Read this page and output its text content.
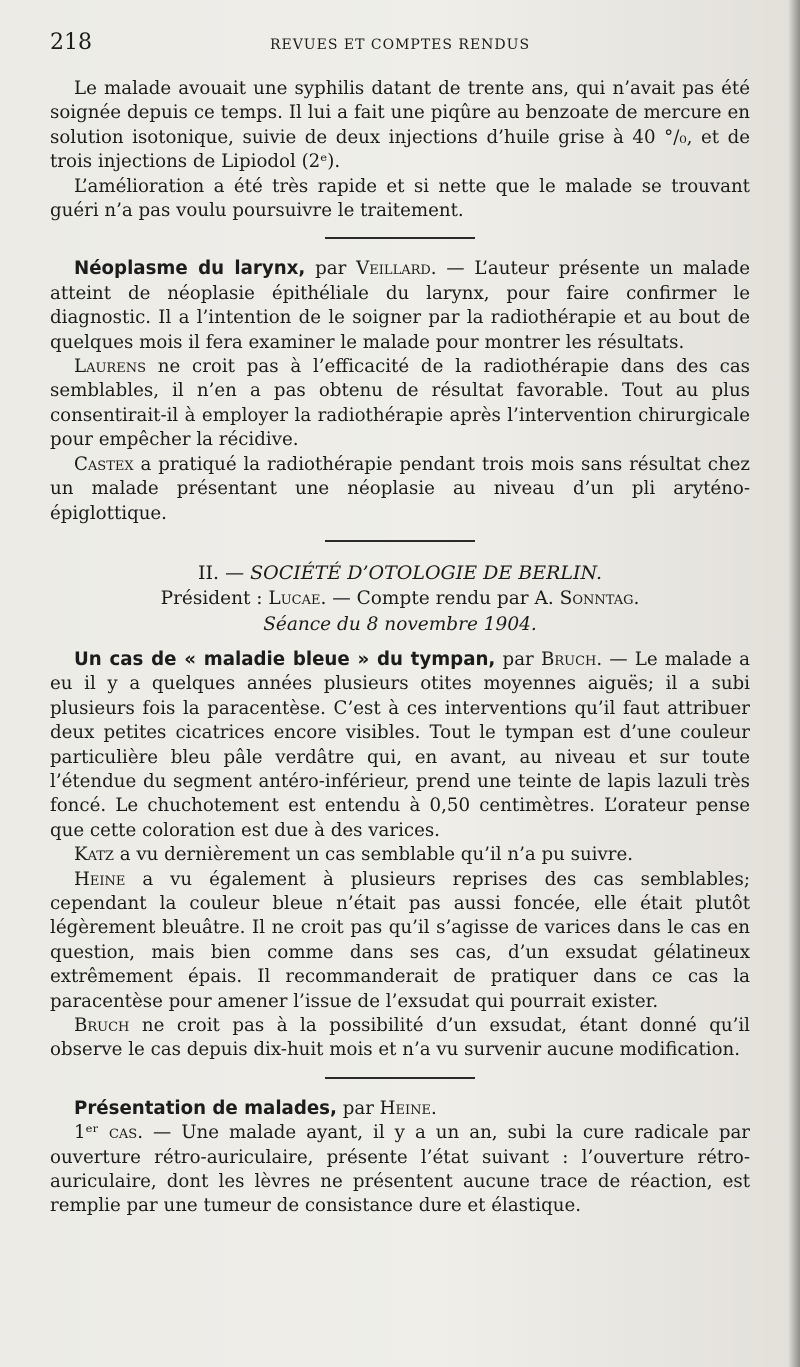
218	REVUES ET COMPTES RENDUS

Le malade avouait une syphilis datant de trente ans, qui n’avait pas été soignée depuis ce temps. Il lui a fait une piqûre au benzoate de mercure en solution isotonique, suivie de deux injections d’huile grise à 40 °/₀, et de trois injections de Lipiodol (2ᵉ).

L’amélioration a été très rapide et si nette que le malade se trouvant guéri n’a pas voulu poursuivre le traitement.

Néoplasme du larynx, par Veillard. — L’auteur présente un malade atteint de néoplasie épithéliale du larynx, pour faire confirmer le diagnostic. Il a l’intention de le soigner par la radiothérapie et au bout de quelques mois il fera examiner le malade pour montrer les résultats.

Laurens ne croit pas à l’efficacité de la radiothérapie dans des cas semblables, il n’en a pas obtenu de résultat favorable. Tout au plus consentirait-il à employer la radiothérapie après l’intervention chirurgicale pour empêcher la récidive.

Castex a pratiqué la radiothérapie pendant trois mois sans résultat chez un malade présentant une néoplasie au niveau d’un pli aryténo-épiglottique.

II. — SOCIÉTÉ D’OTOLOGIE DE BERLIN.
Président : Lucae. — Compte rendu par A. Sonntag.
Séance du 8 novembre 1904.

Un cas de « maladie bleue » du tympan, par Bruch. — Le malade a eu il y a quelques années plusieurs otites moyennes aiguës; il a subi plusieurs fois la paracentèse. C’est à ces interventions qu’il faut attribuer deux petites cicatrices encore visibles. Tout le tympan est d’une couleur particulière bleu pâle verdâtre qui, en avant, au niveau et sur toute l’étendue du segment antéro-inférieur, prend une teinte de lapis lazuli très foncé. Le chuchotement est entendu à 0,50 centimètres. L’orateur pense que cette coloration est due à des varices.

Katz a vu dernièrement un cas semblable qu’il n’a pu suivre.

Heine a vu également à plusieurs reprises des cas semblables; cependant la couleur bleue n’était pas aussi foncée, elle était plutôt légèrement bleuâtre. Il ne croit pas qu’il s’agisse de varices dans le cas en question, mais bien comme dans ses cas, d’un exsudat gélatineux extrêmement épais. Il recommanderait de pratiquer dans ce cas la paracentèse pour amener l’issue de l’exsudat qui pourrait exister.

Bruch ne croit pas à la possibilité d’un exsudat, étant donné qu’il observe le cas depuis dix-huit mois et n’a vu survenir aucune modification.

Présentation de malades, par Heine.

1ᵉʳ cas. — Une malade ayant, il y a un an, subi la cure radicale par ouverture rétro-auriculaire, présente l’état suivant : l’ouverture rétro-auriculaire, dont les lèvres ne présentent aucune trace de réaction, est remplie par une tumeur de consistance dure et élastique.
